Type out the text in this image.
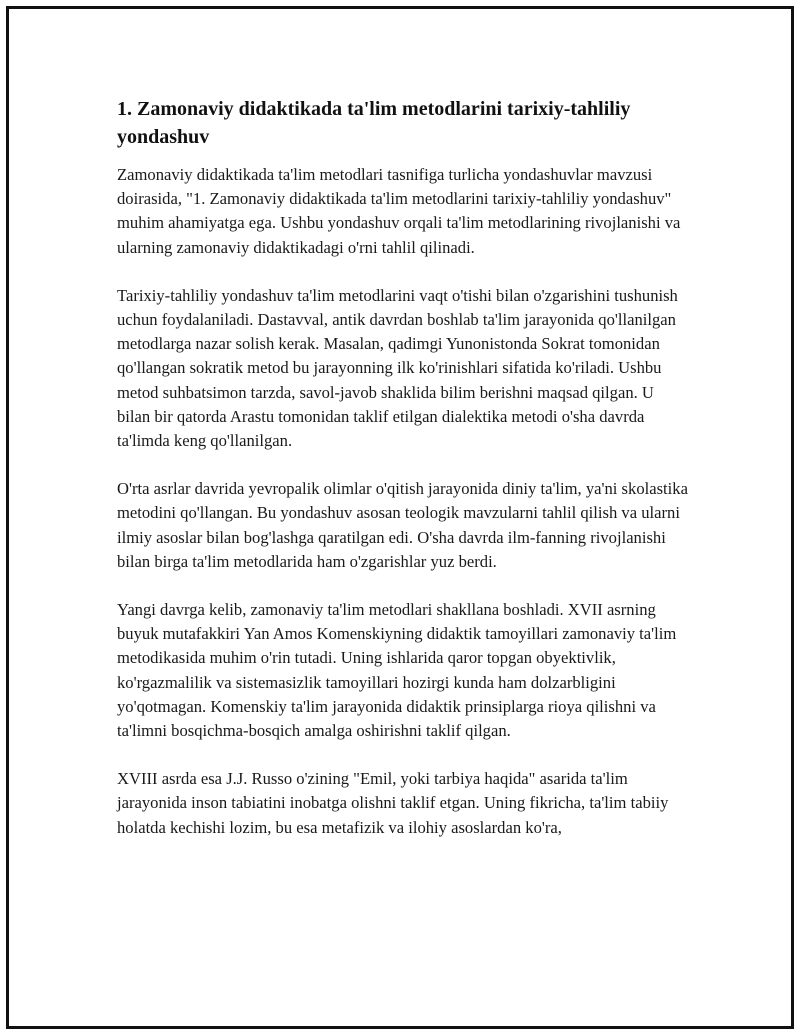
1. Zamonaviy didaktikada ta'lim metodlarini tarixiy-tahliliy yondashuv

Zamonaviy didaktikada ta'lim metodlari tasnifiga turlicha yondashuvlar mavzusi doirasida, "1. Zamonaviy didaktikada ta'lim metodlarini tarixiy-tahliliy yondashuv" muhim ahamiyatga ega. Ushbu yondashuv orqali ta'lim metodlarining rivojlanishi va ularning zamonaviy didaktikadagi o'rni tahlil qilinadi.

Tarixiy-tahliliy yondashuv ta'lim metodlarini vaqt o'tishi bilan o'zgarishini tushunish uchun foydalaniladi. Dastavval, antik davrdan boshlab ta'lim jarayonida qo'llanilgan metodlarga nazar solish kerak. Masalan, qadimgi Yunonistonda Sokrat tomonidan qo'llangan sokratik metod bu jarayonning ilk ko'rinishlari sifatida ko'riladi. Ushbu metod suhbatsimon tarzda, savol-javob shaklida bilim berishni maqsad qilgan. U bilan bir qatorda Arastu tomonidan taklif etilgan dialektika metodi o'sha davrda ta'limda keng qo'llanilgan.

O'rta asrlar davrida yevropalik olimlar o'qitish jarayonida diniy ta'lim, ya'ni skolastika metodini qo'llangan. Bu yondashuv asosan teologik mavzularni tahlil qilish va ularni ilmiy asoslar bilan bog'lashga qaratilgan edi. O'sha davrda ilm-fanning rivojlanishi bilan birga ta'lim metodlarida ham o'zgarishlar yuz berdi.

Yangi davrga kelib, zamonaviy ta'lim metodlari shakllana boshladi. XVII asrning buyuk mutafakkiri Yan Amos Komenskiyning didaktik tamoyillari zamonaviy ta'lim metodikasida muhim o'rin tutadi. Uning ishlarida qaror topgan obyektivlik, ko'rgazmalilik va sistemasizlik tamoyillari hozirgi kunda ham dolzarbligini yo'qotmagan. Komenskiy ta'lim jarayonida didaktik prinsiplarga rioya qilishni va ta'limni bosqichma-bosqich amalga oshirishni taklif qilgan.

XVIII asrda esa J.J. Russo o'zining "Emil, yoki tarbiya haqida" asarida ta'lim jarayonida inson tabiatini inobatga olishni taklif etgan. Uning fikricha, ta'lim tabiiy holatda kechishi lozim, bu esa metafizik va ilohiy asoslardan ko'ra,
